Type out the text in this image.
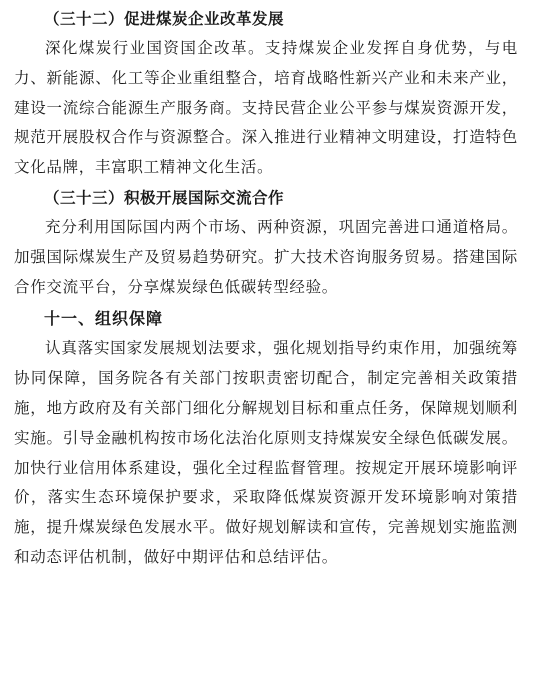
（三十二）促进煤炭企业改革发展

深化煤炭行业国资国企改革。支持煤炭企业发挥自身优势，与电力、新能源、化工等企业重组整合，培育战略性新兴产业和未来产业，建设一流综合能源生产服务商。支持民营企业公平参与煤炭资源开发，规范开展股权合作与资源整合。深入推进行业精神文明建设，打造特色文化品牌，丰富职工精神文化生活。

（三十三）积极开展国际交流合作

充分利用国际国内两个市场、两种资源，巩固完善进口通道格局。加强国际煤炭生产及贸易趋势研究。扩大技术咨询服务贸易。搭建国际合作交流平台，分享煤炭绿色低碳转型经验。

十一、组织保障

认真落实国家发展规划法要求，强化规划指导约束作用，加强统筹协同保障，国务院各有关部门按职责密切配合，制定完善相关政策措施，地方政府及有关部门细化分解规划目标和重点任务，保障规划顺利实施。引导金融机构按市场化法治化原则支持煤炭安全绿色低碳发展。加快行业信用体系建设，强化全过程监督管理。按规定开展环境影响评价，落实生态环境保护要求，采取降低煤炭资源开发环境影响对策措施，提升煤炭绿色发展水平。做好规划解读和宣传，完善规划实施监测和动态评估机制，做好中期评估和总结评估。
